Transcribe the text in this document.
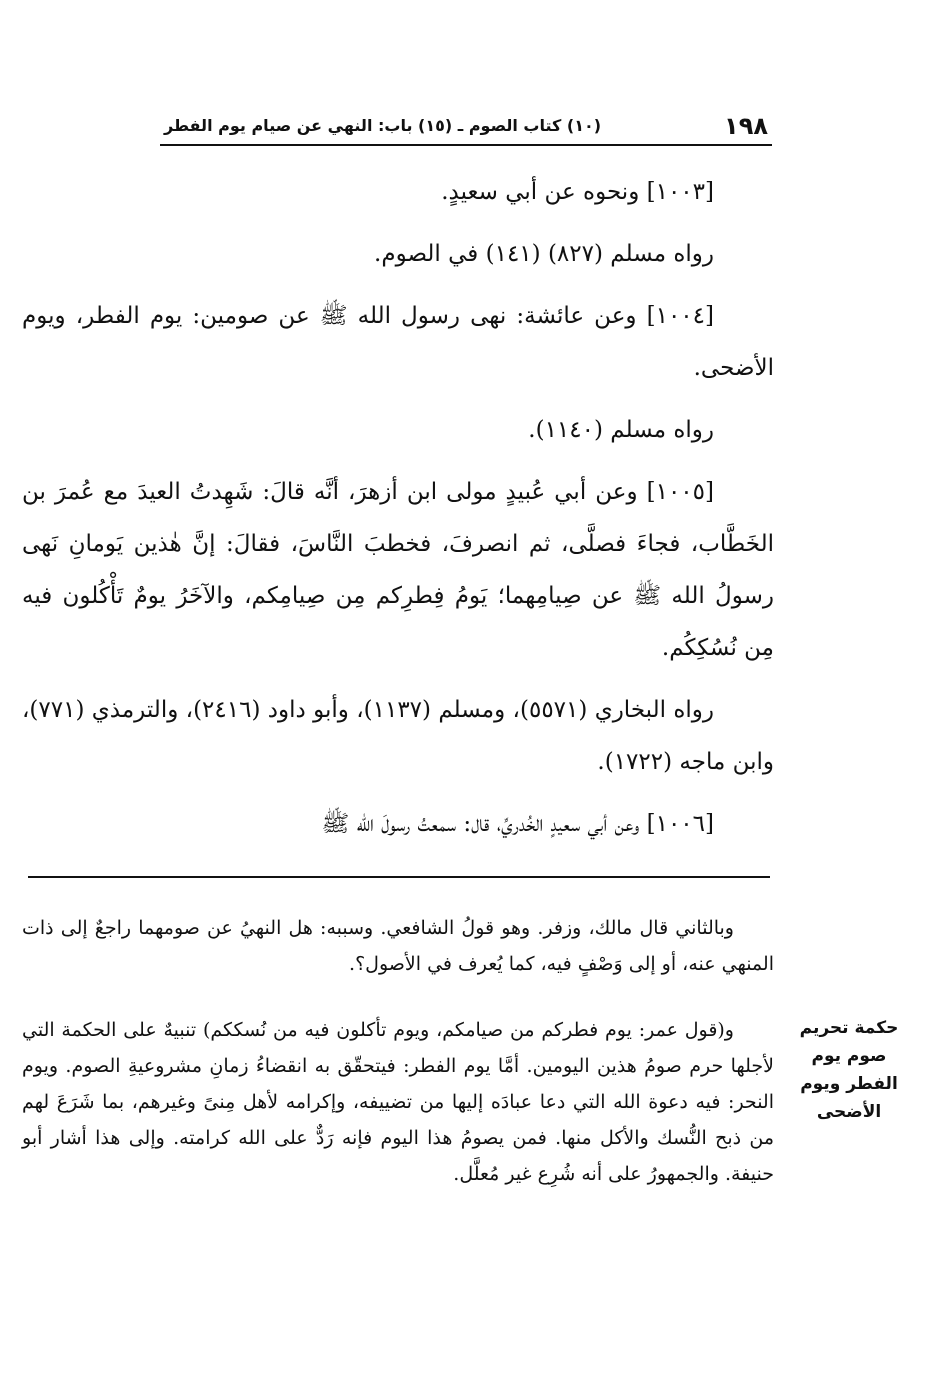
١٩٨
(١٠) كتاب الصوم ـ (١٥) باب: النهي عن صيام يوم الفطر

[١٠٠٣] ونحوه عن أبي سعيدٍ.

رواه مسلم (٨٢٧) (١٤١) في الصوم.

[١٠٠٤] وعن عائشة: نهى رسول الله ﷺ عن صومين: يوم الفطر، ويوم الأضحى.

رواه مسلم (١١٤٠).

[١٠٠٥] وعن أبي عُبيدٍ مولى ابن أزهرَ، أنَّه قالَ: شَهِدتُ العيدَ مع عُمرَ بن الخَطَّاب، فجاءَ فصلَّى، ثم انصرفَ، فخطبَ النَّاسَ، فقالَ: إنَّ هٰذين يَومانِ نَهى رسولُ الله ﷺ عن صِيامِهما؛ يَومُ فِطرِكم مِن صِيامِكم، والآخَرُ يومٌ تَأْكُلون فيه مِن نُسُكِكُم.

رواه البخاري (٥٥٧١)، ومسلم (١١٣٧)، وأبو داود (٢٤١٦)، والترمذي (٧٧١)، وابن ماجه (١٧٢٢).

[١٠٠٦] وعن أبي سعيدٍ الخُدريِّ، قال: سمعتُ رسولَ الله ﷺ

وبالثاني قال مالك، وزفر. وهو قولُ الشافعي. وسببه: هل النهيُ عن صومهما راجعٌ إلى ذات المنهي عنه، أو إلى وَصْفٍ فيه، كما يُعرف في الأصول؟.

و(قول عمر: يوم فطركم من صيامكم، ويوم تأكلون فيه من نُسككم) تنبيهٌ على الحكمة التي لأجلها حرم صومُ هذين اليومين. أمَّا يوم الفطر: فيتحقّق به انقضاءُ زمانِ مشروعيةِ الصوم. ويوم النحر: فيه دعوة الله التي دعا عبادَه إليها من تضييفه، وإكرامه لأهل مِنىً وغيرهم، بما شَرَعَ لهم من ذبح النُّسك والأكل منها. فمن يصومُ هذا اليوم فإنه رَدٌّ على الله كرامته. وإلى هذا أشار أبو حنيفة. والجمهورُ على أنه شُرِع غير مُعلَّل.

حكمة تحريم صوم يوم الفطر ويوم الأضحى
